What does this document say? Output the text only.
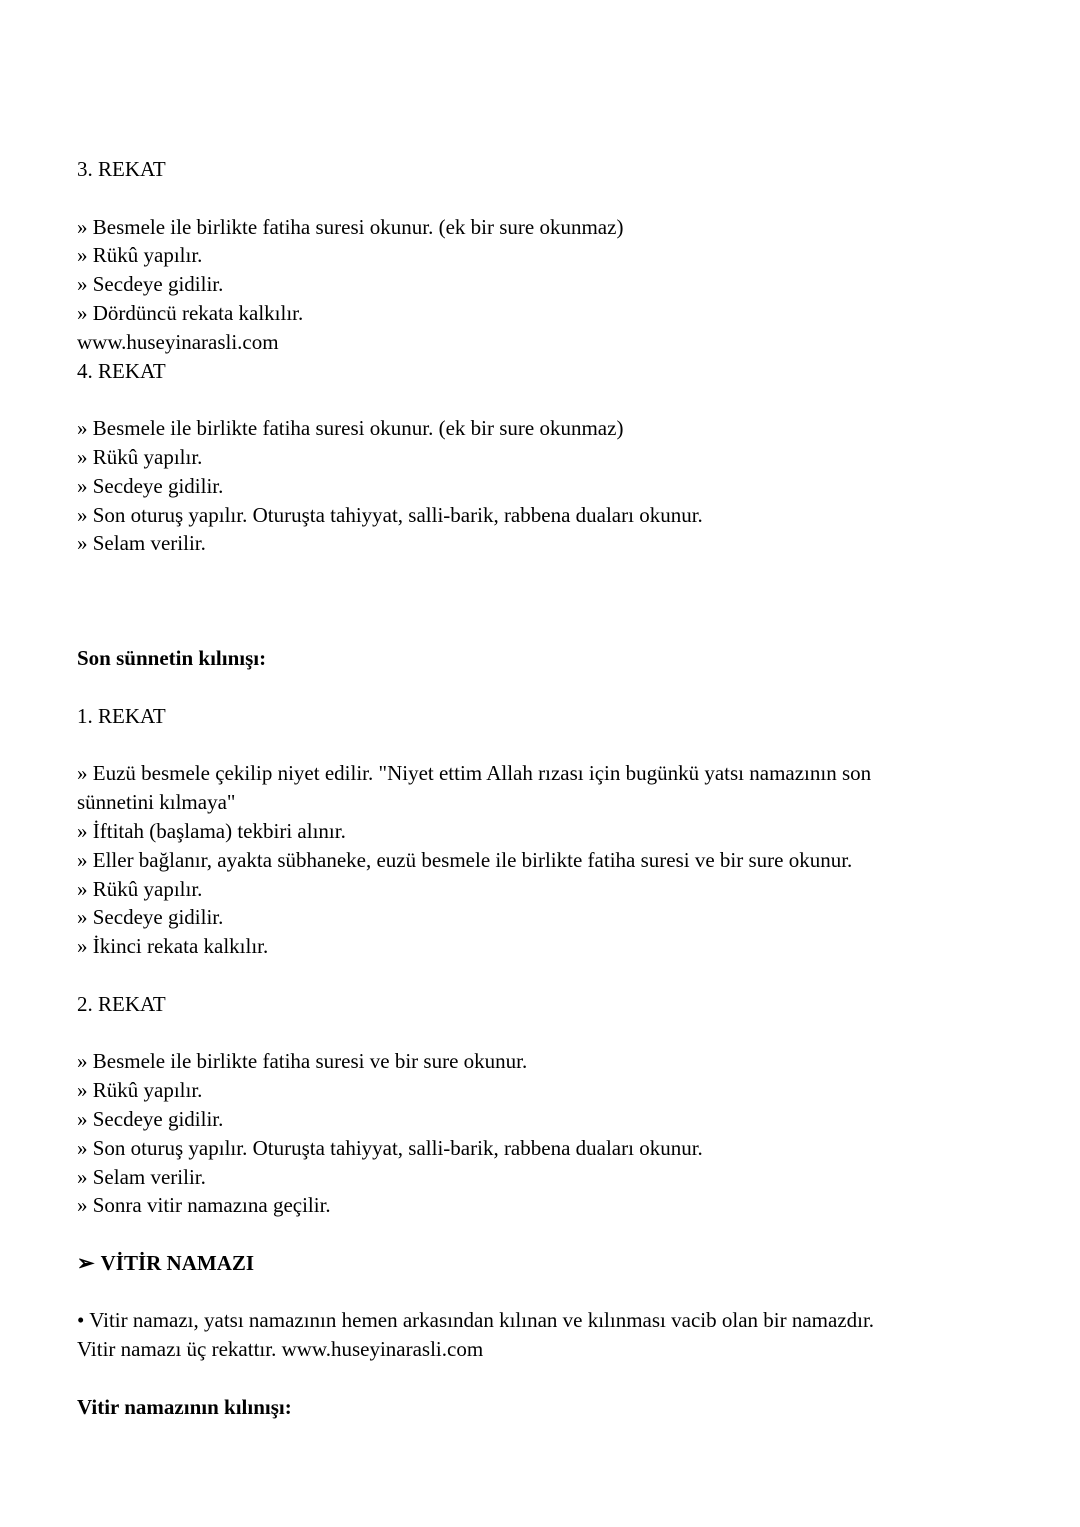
3. REKAT
» Besmele ile birlikte fatiha suresi okunur. (ek bir sure okunmaz)
» Rükû yapılır.
» Secdeye gidilir.
» Dördüncü rekata kalkılır.
www.huseyinarasli.com
4. REKAT
» Besmele ile birlikte fatiha suresi okunur. (ek bir sure okunmaz)
» Rükû yapılır.
» Secdeye gidilir.
» Son oturuş yapılır. Oturuşta tahiyyat, salli-barik, rabbena duaları okunur.
» Selam verilir.
Son sünnetin kılınışı:
1. REKAT
» Euzü besmele çekilip niyet edilir. "Niyet ettim Allah rızası için bugünkü yatsı namazının son
sünnetini kılmaya"
» İftitah (başlama) tekbiri alınır.
» Eller bağlanır, ayakta sübhaneke, euzü besmele ile birlikte fatiha suresi ve bir sure okunur.
» Rükû yapılır.
» Secdeye gidilir.
» İkinci rekata kalkılır.
2. REKAT
» Besmele ile birlikte fatiha suresi ve bir sure okunur.
» Rükû yapılır.
» Secdeye gidilir.
» Son oturuş yapılır. Oturuşta tahiyyat, salli-barik, rabbena duaları okunur.
» Selam verilir.
» Sonra vitir namazına geçilir.
➢ VİTİR NAMAZI
• Vitir namazı, yatsı namazının hemen arkasından kılınan ve kılınması vacib olan bir namazdır.
Vitir namazı üç rekattır. www.huseyinarasli.com
Vitir namazının kılınışı:
